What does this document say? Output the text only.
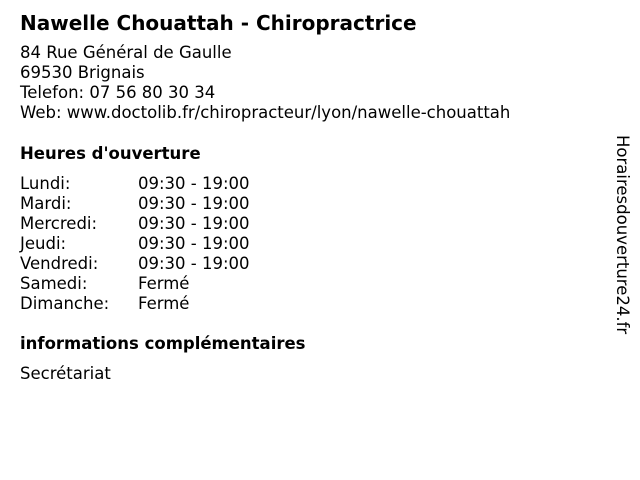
Nawelle Chouattah - Chiropractrice
84 Rue Général de Gaulle
69530 Brignais
Telefon: 07 56 80 30 34
Web: www.doctolib.fr/chiropracteur/lyon/nawelle-chouattah
Heures d'ouverture
Lundi:	09:30 - 19:00
Mardi:	09:30 - 19:00
Mercredi:	09:30 - 19:00
Jeudi:	09:30 - 19:00
Vendredi:	09:30 - 19:00
Samedi:	Fermé
Dimanche:	Fermé
informations complémentaires
Secrétariat
Horairesdouverture24.fr
